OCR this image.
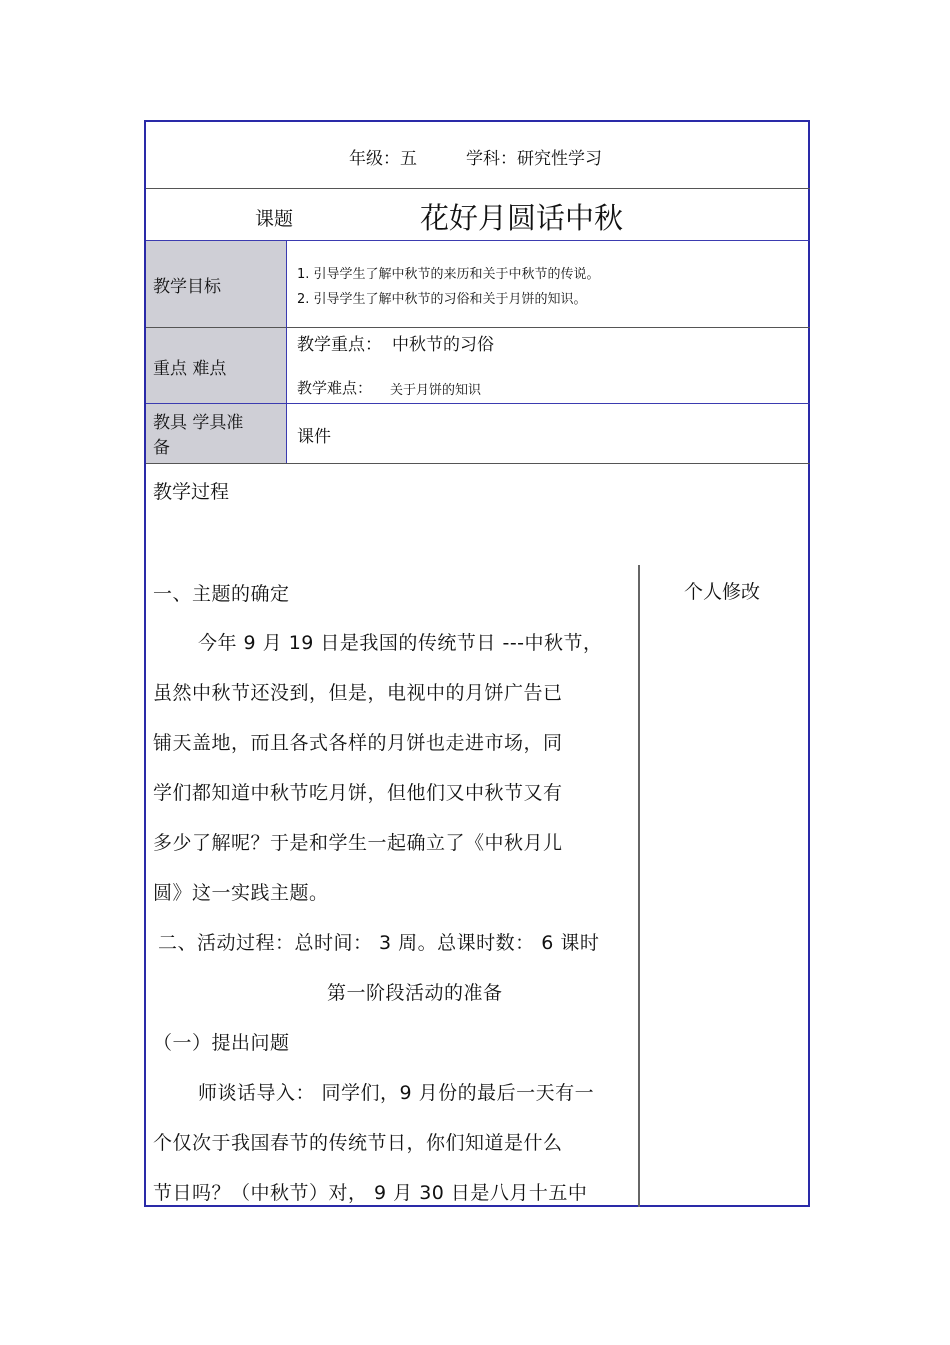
年级：五	学科：研究性学习
课题	花好月圆话中秋
教学目标
1. 引导学生了解中秋节的来历和关于中秋节的传说。
2. 引导学生了解中秋节的习俗和关于月饼的知识。
重点 难点
教学重点： 中秋节的习俗
教学难点： 关于月饼的知识
教具 学具准
备
课件
教学过程
个人修改
一、主题的确定
今年 9 月 19 日是我国的传统节日 ---中秋节，
虽然中秋节还没到，但是，电视中的月饼广告已
铺天盖地，而且各式各样的月饼也走进市场，同
学们都知道中秋节吃月饼，但他们又中秋节又有
多少了解呢？于是和学生一起确立了《中秋月儿
圆》这一实践主题。
二、活动过程：总时间： 3 周。总课时数： 6 课时
第一阶段活动的准备
（一）提出问题
师谈话导入： 同学们，9 月份的最后一天有一
个仅次于我国春节的传统节日，你们知道是什么
节日吗？（中秋节）对， 9 月 30 日是八月十五中
